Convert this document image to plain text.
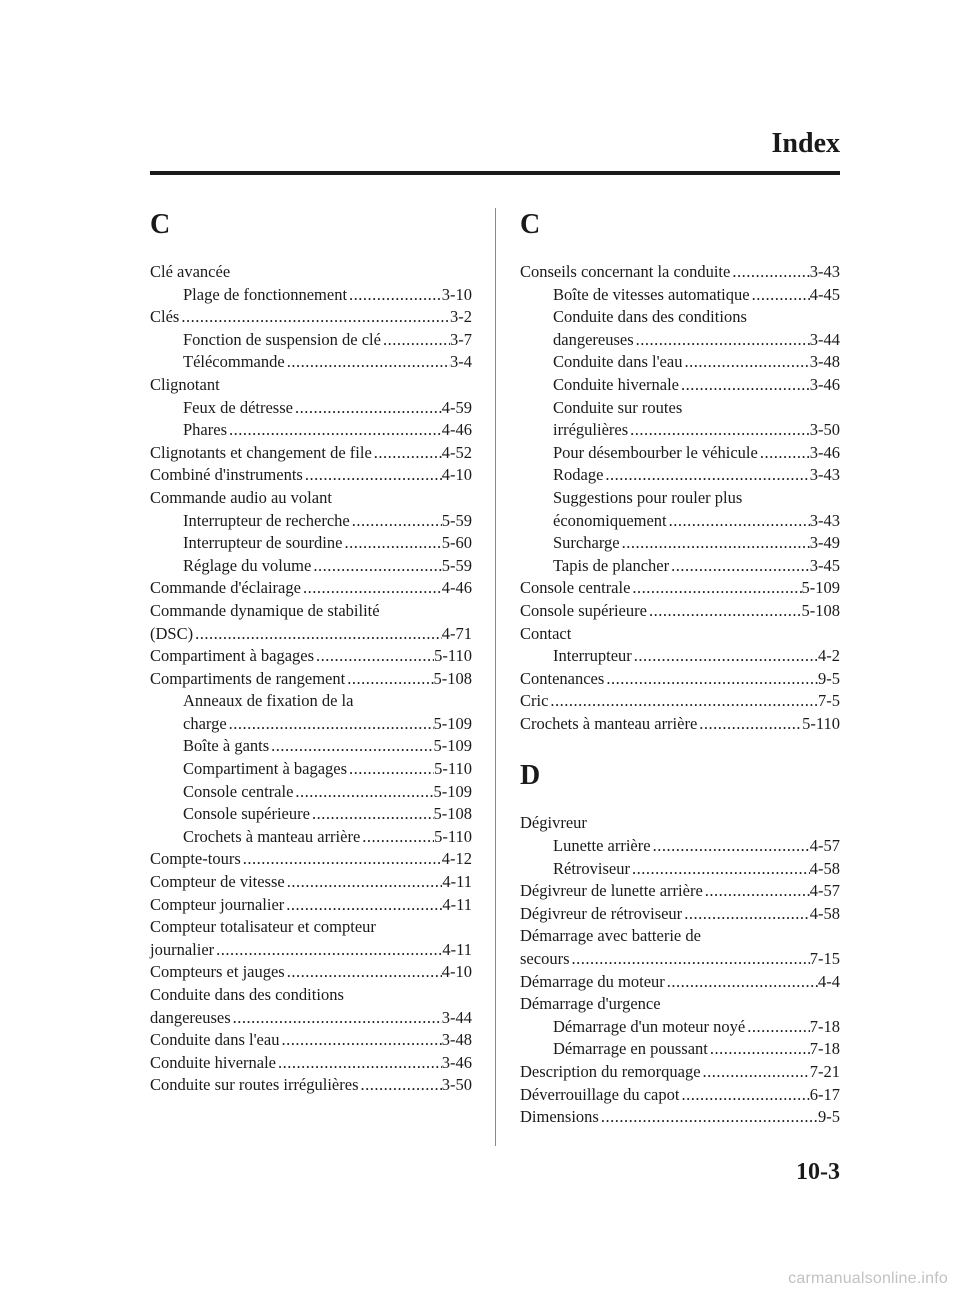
Index
C
Clé avancée
Plage de fonctionnement .....	3-10
Clés .....	3-2
Fonction de suspension de clé .....	3-7
Télécommande .....	3-4
Clignotant
Feux de détresse .....	4-59
Phares .....	4-46
Clignotants et changement de file .....	4-52
Combiné d'instruments .....	4-10
Commande audio au volant
Interrupteur de recherche .....	5-59
Interrupteur de sourdine .....	5-60
Réglage du volume .....	5-59
Commande d'éclairage .....	4-46
Commande dynamique de stabilité
(DSC) .....	4-71
Compartiment à bagages .....	5-110
Compartiments de rangement .....	5-108
Anneaux de fixation de la
charge .....	5-109
Boîte à gants .....	5-109
Compartiment à bagages .....	5-110
Console centrale .....	5-109
Console supérieure .....	5-108
Crochets à manteau arrière .....	5-110
Compte-tours .....	4-12
Compteur de vitesse .....	4-11
Compteur journalier .....	4-11
Compteur totalisateur et compteur
journalier .....	4-11
Compteurs et jauges .....	4-10
Conduite dans des conditions
dangereuses .....	3-44
Conduite dans l'eau .....	3-48
Conduite hivernale .....	3-46
Conduite sur routes irrégulières .....	3-50
C
Conseils concernant la conduite .....	3-43
Boîte de vitesses automatique .....	4-45
Conduite dans des conditions
dangereuses .....	3-44
Conduite dans l'eau .....	3-48
Conduite hivernale .....	3-46
Conduite sur routes
irrégulières .....	3-50
Pour désembourber le véhicule .....	3-46
Rodage .....	3-43
Suggestions pour rouler plus
économiquement .....	3-43
Surcharge .....	3-49
Tapis de plancher .....	3-45
Console centrale .....	5-109
Console supérieure .....	5-108
Contact
Interrupteur .....	4-2
Contenances .....	9-5
Cric .....	7-5
Crochets à manteau arrière .....	5-110
D
Dégivreur
Lunette arrière .....	4-57
Rétroviseur .....	4-58
Dégivreur de lunette arrière .....	4-57
Dégivreur de rétroviseur .....	4-58
Démarrage avec batterie de
secours .....	7-15
Démarrage du moteur .....	4-4
Démarrage d'urgence
Démarrage d'un moteur noyé .....	7-18
Démarrage en poussant .....	7-18
Description du remorquage .....	7-21
Déverrouillage du capot .....	6-17
Dimensions .....	9-5
10-3
carmanualsonline.info
